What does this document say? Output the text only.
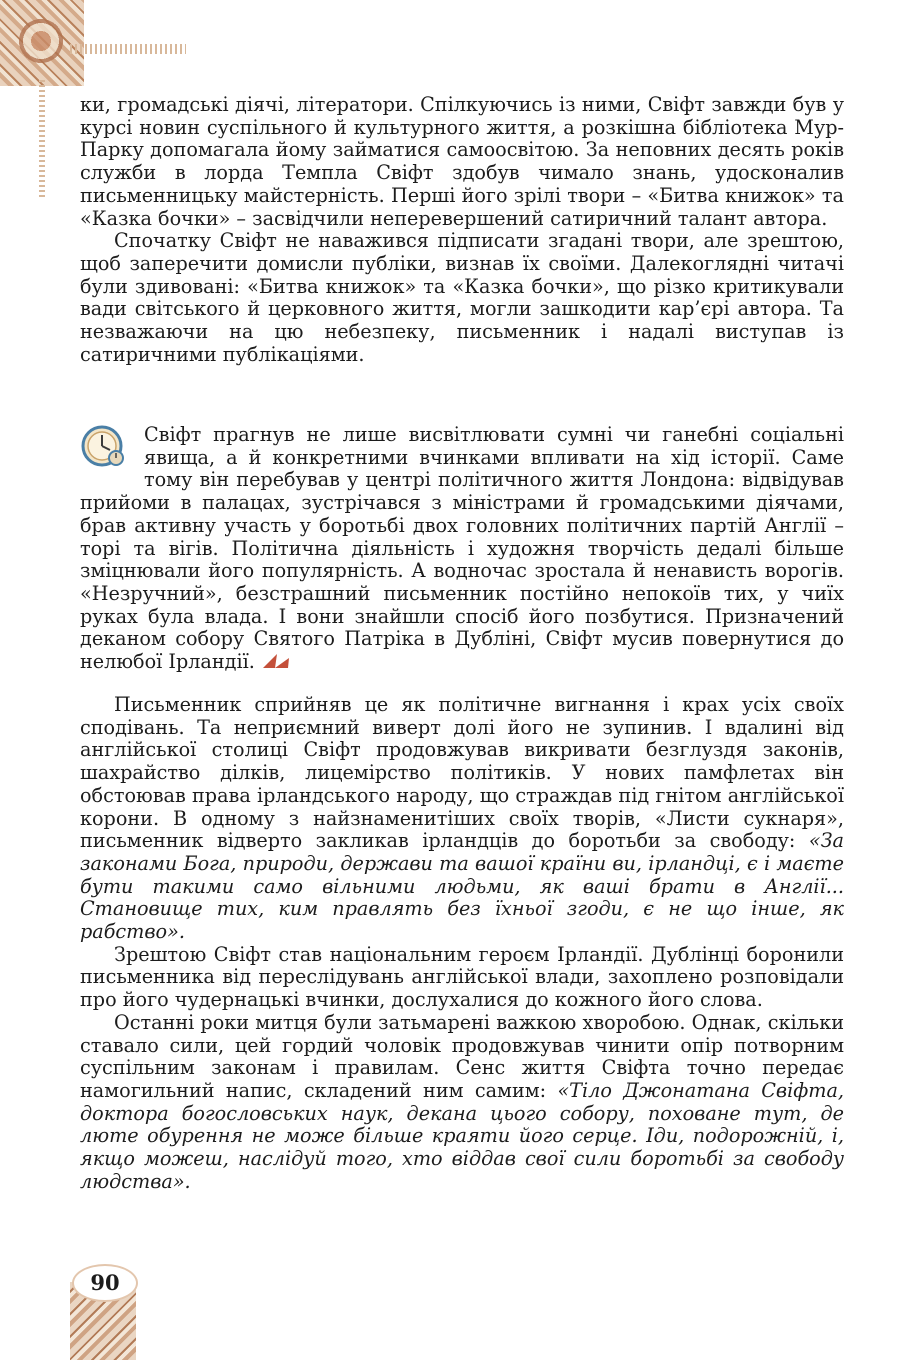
ки, громадські діячі, літератори. Спілкуючись із ними, Свіфт завжди був у курсі новин суспільного й культурного життя, а розкішна бібліотека Мур-Парку допомагала йому займатися самоосвітою. За неповних десять років служби в лорда Темпла Свіфт здобув чимало знань, удосконалив письменницьку майстерність. Перші його зрілі твори – «Битва книжок» та «Казка бочки» – засвідчили неперевершений сатиричний талант автора.

Спочатку Свіфт не наважився підписати згадані твори, але зрештою, щоб заперечити домисли публіки, визнав їх своїми. Далекоглядні читачі були здивовані: «Битва книжок» та «Казка бочки», що різко критикували вади світського й церковного життя, могли зашкодити кар’єрі автора. Та незважаючи на цю небезпеку, письменник і надалі виступав із сатиричними публікаціями.

Свіфт прагнув не лише висвітлювати сумні чи ганебні соціальні явища, а й конкретними вчинками впливати на хід історії. Саме тому він перебував у центрі політичного життя Лондона: відвідував прийоми в палацах, зустрічався з міністрами й громадськими діячами, брав активну участь у боротьбі двох головних політичних партій Англії – торі та вігів. Політична діяльність і художня творчість дедалі більше зміцнювали його популярність. А водночас зростала й ненависть ворогів. «Незручний», безстрашний письменник постійно непокоїв тих, у чиїх руках була влада. І вони знайшли спосіб його позбутися. Призначений деканом собору Святого Патріка в Дубліні, Свіфт мусив повернутися до нелюбої Ірландії.

Письменник сприйняв це як політичне вигнання і крах усіх своїх сподівань. Та неприємний виверт долі його не зупинив. І вдалині від англійської столиці Свіфт продовжував викривати безглуздя законів, шахрайство ділків, лицемірство політиків. У нових памфлетах він обстоював права ірландського народу, що страждав під гнітом англійської корони. В одному з найзнаменитіших своїх творів, «Листи сукнаря», письменник відверто закликав ірландців до боротьби за свободу: «За законами Бога, природи, держави та вашої країни ви, ірландці, є і маєте бути такими само вільними людьми, як ваші брати в Англії... Становище тих, ким правлять без їхньої згоди, є не що інше, як рабство».

Зрештою Свіфт став національним героєм Ірландії. Дублінці боронили письменника від переслідувань англійської влади, захоплено розповідали про його чудернацькі вчинки, дослухалися до кожного його слова.

Останні роки митця були затьмарені важкою хворобою. Однак, скільки ставало сили, цей гордий чоловік продовжував чинити опір потворним суспільним законам і правилам. Сенс життя Свіфта точно передає намогильний напис, складений ним самим: «Тіло Джонатана Свіфта, доктора богословських наук, декана цього собору, поховане тут, де люте обурення не може більше краяти його серце. Іди, подорожній, і, якщо можеш, наслідуй того, хто віддав свої сили боротьбі за свободу людства».

90
